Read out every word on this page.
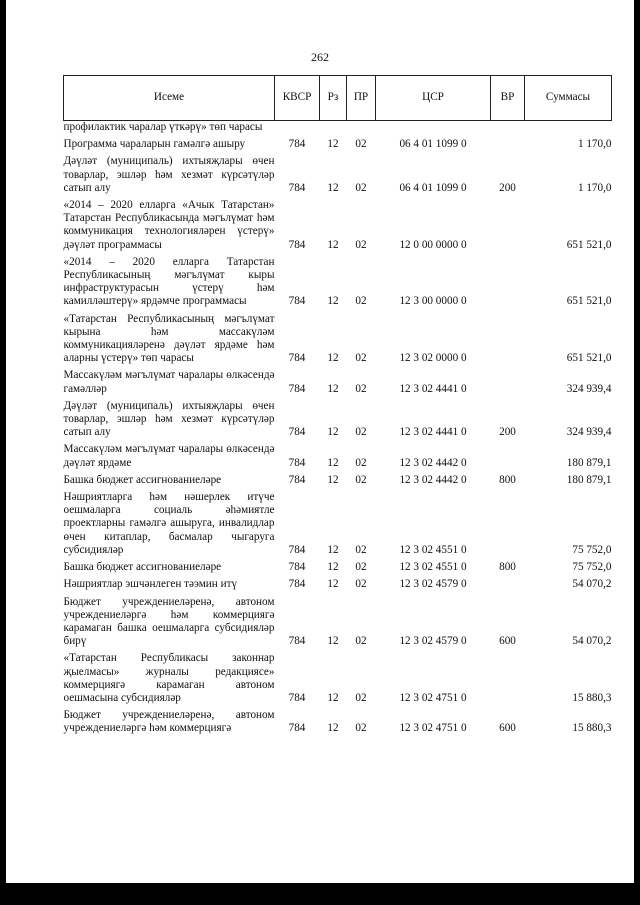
262
Исеме	КВСР	Рз	ПР	ЦСР	ВР	Суммасы
профилактик чаралар үткәрү» төп чарасы						
Программа чараларын гамәлгә ашыру	784	12	02	06 4 01 1099 0		1 170,0
Дәүләт (муниципаль) ихтыяҗлары өчен товарлар, эшләр һәм хезмәт күрсәтүләр сатып алу	784	12	02	06 4 01 1099 0	200	1 170,0
«2014 – 2020 елларга «Ачык Татарстан» Татарстан Республикасында мәгълүмат һәм коммуникация технологияләрен үстерү» дәүләт программасы	784	12	02	12 0 00 0000 0		651 521,0
«2014 – 2020 елларга Татарстан Республикасының мәгълүмат кыры инфраструктурасын үстерү һәм камилләштерү» ярдәмче программасы	784	12	02	12 3 00 0000 0		651 521,0
«Татарстан Республикасының мәгълүмат кырына һәм массакүләм коммуникацияләренә дәүләт ярдәме һәм аларны үстерү» төп чарасы	784	12	02	12 3 02 0000 0		651 521,0
Массакүләм мәгълүмат чаралары өлкәсендә гамәлләр	784	12	02	12 3 02 4441 0		324 939,4
Дәүләт (муниципаль) ихтыяҗлары өчен товарлар, эшләр һәм хезмәт күрсәтүләр сатып алу	784	12	02	12 3 02 4441 0	200	324 939,4
Массакүләм мәгълүмат чаралары өлкәсендә дәүләт ярдәме	784	12	02	12 3 02 4442 0		180 879,1
Башка бюджет ассигнованиеләре	784	12	02	12 3 02 4442 0	800	180 879,1
Нәшриятларга һәм нәшерлек итүче оешмаларга социаль әһәмиятле проектларны гамәлгә ашыруга, инвалидлар өчен китаплар, басмалар чыгаруга субсидияләр	784	12	02	12 3 02 4551 0		75 752,0
Башка бюджет ассигнованиеләре	784	12	02	12 3 02 4551 0	800	75 752,0
Нәшриятлар эшчәнлеген тәэмин итү	784	12	02	12 3 02 4579 0		54 070,2
Бюджет учреждениеләренә, автоном учреждениеләргә һәм коммерциягә карамаган башка оешмаларга субсидияләр бирү	784	12	02	12 3 02 4579 0	600	54 070,2
«Татарстан Республикасы законнар җыелмасы» журналы редакциясе» коммерциягә карамаган автоном оешмасына субсидияләр	784	12	02	12 3 02 4751 0		15 880,3
Бюджет учреждениеләренә, автоном учреждениеләргә һәм коммерциягә	784	12	02	12 3 02 4751 0	600	15 880,3
